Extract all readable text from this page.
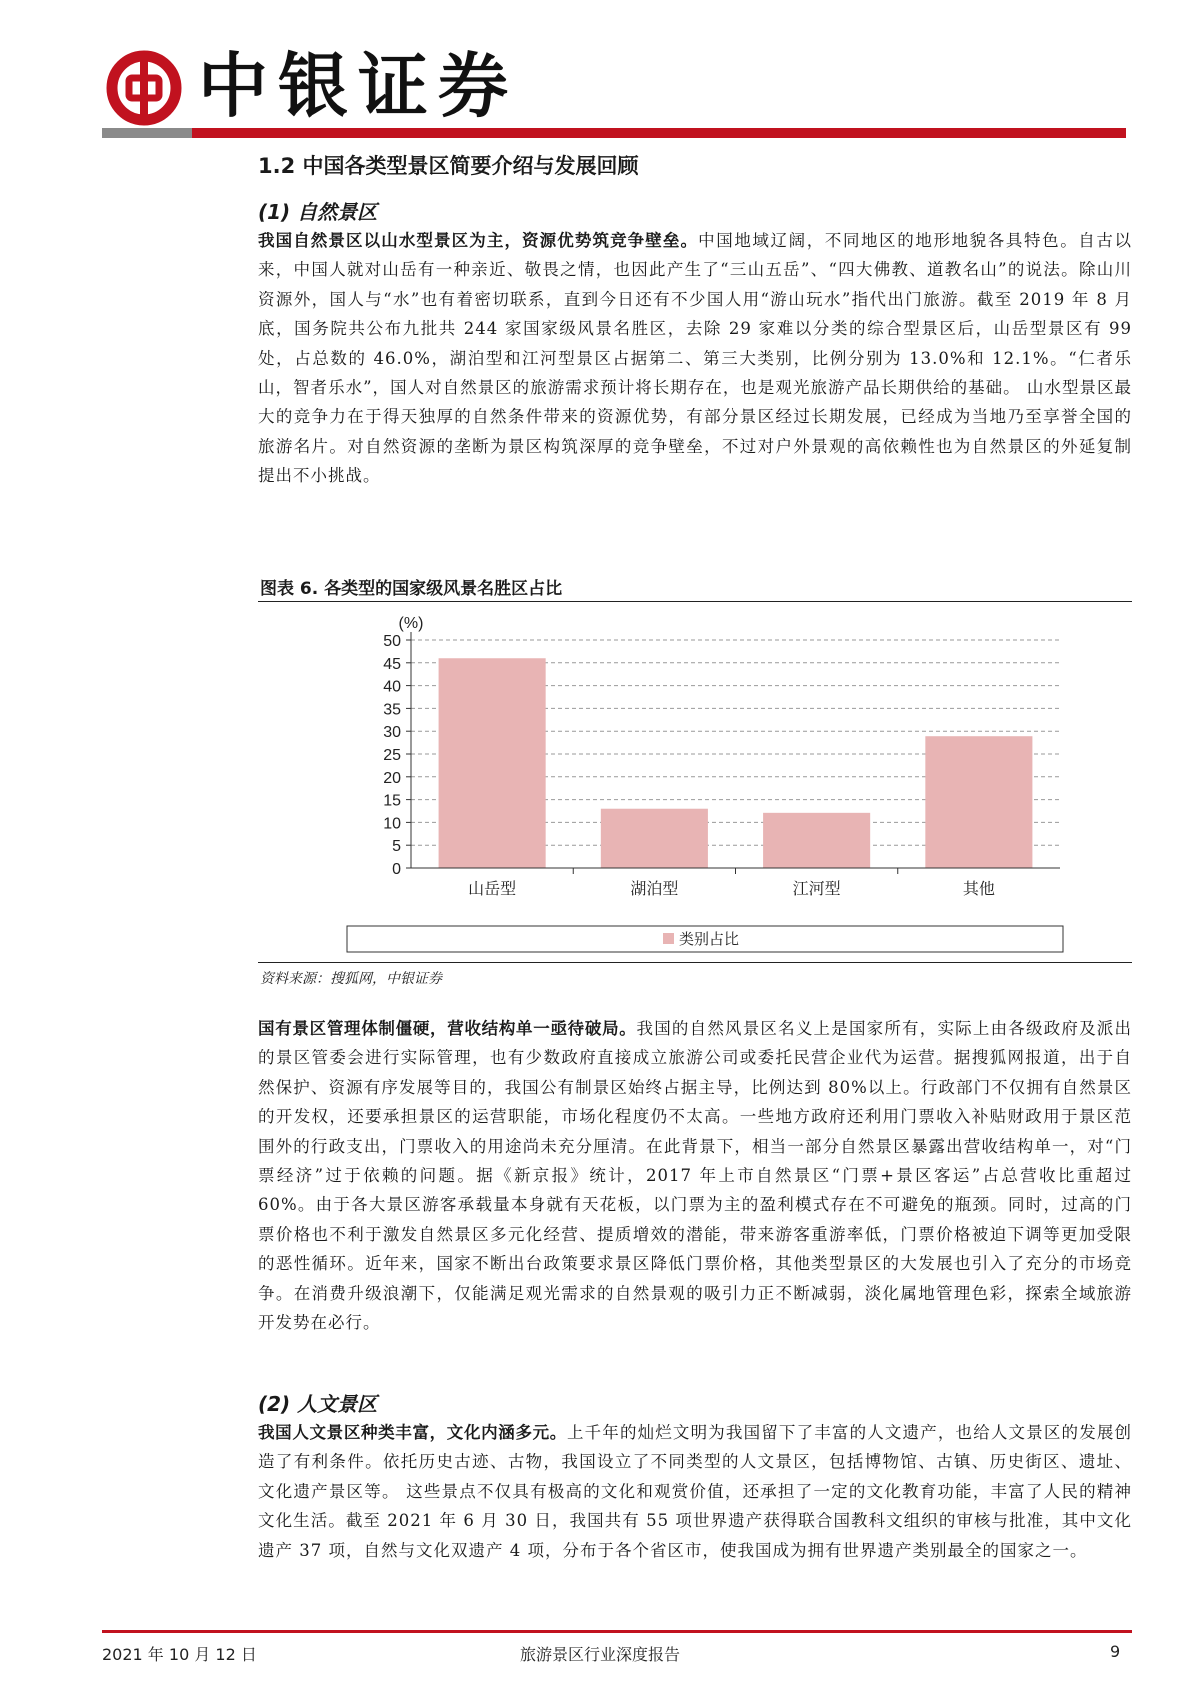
中银证券
1.2 中国各类型景区简要介绍与发展回顾
(1) 自然景区
我国自然景区以山水型景区为主，资源优势筑竞争壁垒。中国地域辽阔，不同地区的地形地貌各具特色。自古以来，中国人就对山岳有一种亲近、敬畏之情，也因此产生了“三山五岳”、“四大佛教、道教名山”的说法。除山川资源外，国人与“水”也有着密切联系，直到今日还有不少国人用“游山玩水”指代出门旅游。截至 2019 年 8 月底，国务院共公布九批共 244 家国家级风景名胜区，去除 29 家难以分类的综合型景区后，山岳型景区有 99 处，占总数的 46.0%，湖泊型和江河型景区占据第二、第三大类别，比例分别为 13.0%和 12.1%。“仁者乐山，智者乐水”，国人对自然景区的旅游需求预计将长期存在，也是观光旅游产品长期供给的基础。 山水型景区最大的竞争力在于得天独厚的自然条件带来的资源优势，有部分景区经过长期发展，已经成为当地乃至享誉全国的旅游名片。对自然资源的垄断为景区构筑深厚的竞争壁垒，不过对户外景观的高依赖性也为自然景区的外延复制提出不小挑战。
图表 6. 各类型的国家级风景名胜区占比
0
5
10
15
20
25
30
35
40
45
50
山岳型	湖泊型	江河型	其他
(%)
类别占比
资料来源：搜狐网，中银证券
国有景区管理体制僵硬，营收结构单一亟待破局。我国的自然风景区名义上是国家所有，实际上由各级政府及派出的景区管委会进行实际管理，也有少数政府直接成立旅游公司或委托民营企业代为运营。据搜狐网报道，出于自然保护、资源有序发展等目的，我国公有制景区始终占据主导，比例达到 80%以上。行政部门不仅拥有自然景区的开发权，还要承担景区的运营职能，市场化程度仍不太高。一些地方政府还利用门票收入补贴财政用于景区范围外的行政支出，门票收入的用途尚未充分厘清。在此背景下，相当一部分自然景区暴露出营收结构单一，对“门票经济”过于依赖的问题。据《新京报》统计，2017 年上市自然景区“门票+景区客运”占总营收比重超过 60%。由于各大景区游客承载量本身就有天花板，以门票为主的盈利模式存在不可避免的瓶颈。同时，过高的门票价格也不利于激发自然景区多元化经营、提质增效的潜能，带来游客重游率低，门票价格被迫下调等更加受限的恶性循环。近年来，国家不断出台政策要求景区降低门票价格，其他类型景区的大发展也引入了充分的市场竞争。在消费升级浪潮下，仅能满足观光需求的自然景观的吸引力正不断减弱，淡化属地管理色彩，探索全域旅游开发势在必行。
(2) 人文景区
我国人文景区种类丰富，文化内涵多元。上千年的灿烂文明为我国留下了丰富的人文遗产，也给人文景区的发展创造了有利条件。依托历史古迹、古物，我国设立了不同类型的人文景区，包括博物馆、古镇、历史街区、遗址、文化遗产景区等。 这些景点不仅具有极高的文化和观赏价值，还承担了一定的文化教育功能，丰富了人民的精神文化生活。截至 2021 年 6 月 30 日，我国共有 55 项世界遗产获得联合国教科文组织的审核与批准，其中文化遗产 37 项，自然与文化双遗产 4 项，分布于各个省区市，使我国成为拥有世界遗产类别最全的国家之一。
2021 年 10 月 12 日	旅游景区行业深度报告	9
